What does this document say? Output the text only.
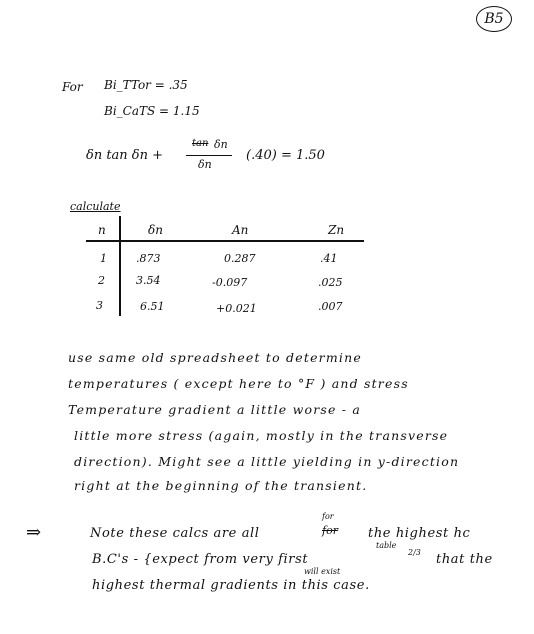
B5
For Bi_TTor = .35
Bi_CaTS = 1.15
δn tan δn +
tan δn
δn
(.40) = 1.50
calculate
n	δn	An	Zn
1	.873	0.287	.41
2	3.54	-0.097	.025
3	6.51	+0.021	.007
use same old spreadsheet to determine
temperatures ( except here to °F ) and stress
Temperature gradient a little worse - a
little more stress (again, mostly in the transverse
direction). Might see a little yielding in y-direction
right at the beginning of the transient.
⇒	Note these calcs are all
for
for the highest hc
B.C's - {expect from very first
table
2/3 that the
will exist
highest thermal gradients in this case.
